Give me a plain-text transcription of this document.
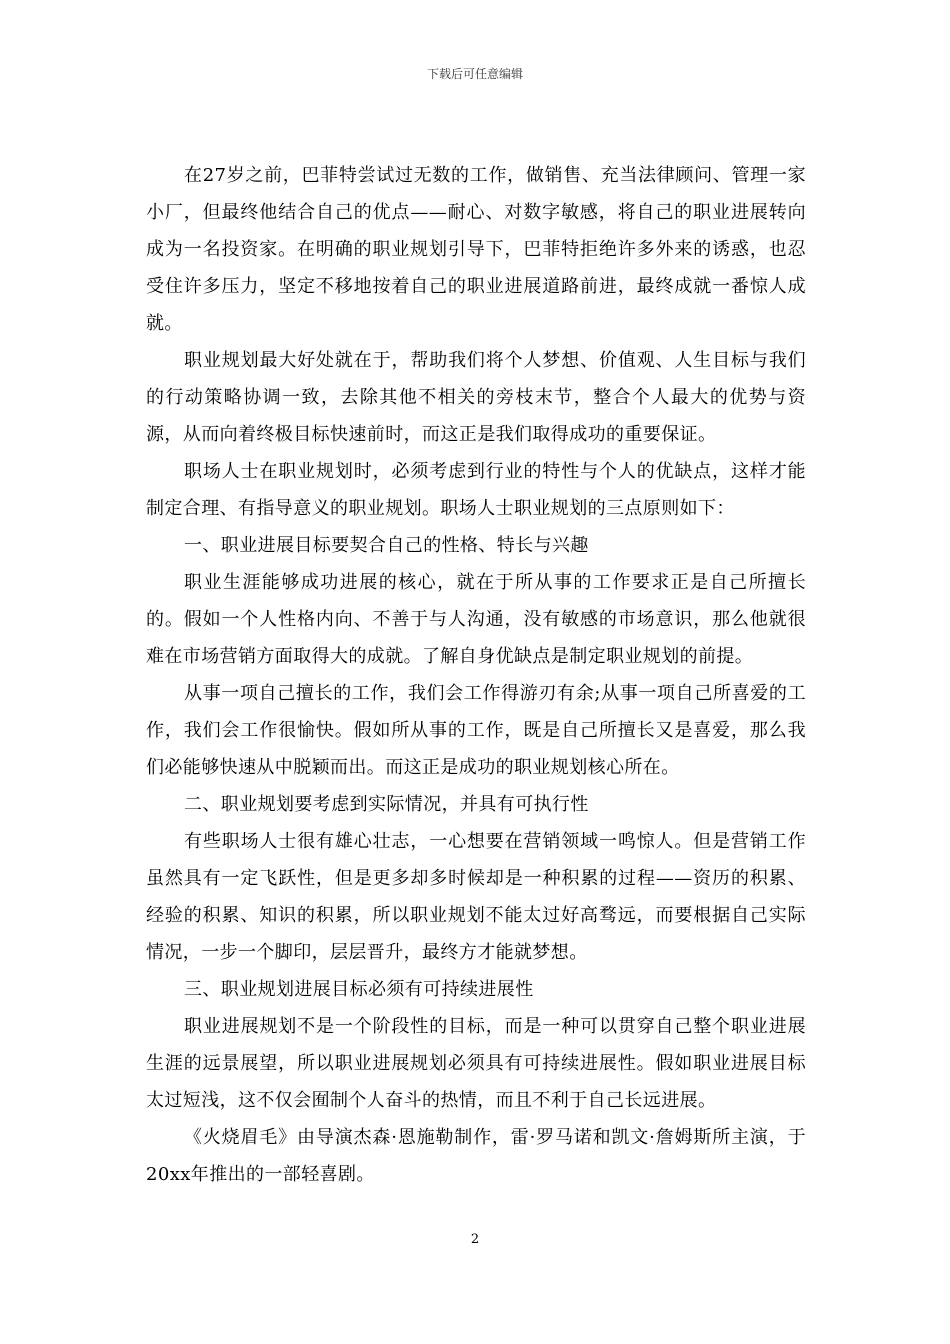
下载后可任意编辑

在27岁之前，巴菲特尝试过无数的工作，做销售、充当法律顾问、管理一家小厂，但最终他结合自己的优点——耐心、对数字敏感，将自己的职业进展转向成为一名投资家。在明确的职业规划引导下，巴菲特拒绝许多外来的诱惑，也忍受住许多压力，坚定不移地按着自己的职业进展道路前进，最终成就一番惊人成就。

职业规划最大好处就在于，帮助我们将个人梦想、价值观、人生目标与我们的行动策略协调一致，去除其他不相关的旁枝末节，整合个人最大的优势与资源，从而向着终极目标快速前时，而这正是我们取得成功的重要保证。

职场人士在职业规划时，必须考虑到行业的特性与个人的优缺点，这样才能制定合理、有指导意义的职业规划。职场人士职业规划的三点原则如下：

一、职业进展目标要契合自己的性格、特长与兴趣

职业生涯能够成功进展的核心，就在于所从事的工作要求正是自己所擅长的。假如一个人性格内向、不善于与人沟通，没有敏感的市场意识，那么他就很难在市场营销方面取得大的成就。了解自身优缺点是制定职业规划的前提。

从事一项自己擅长的工作，我们会工作得游刃有余;从事一项自己所喜爱的工作，我们会工作很愉快。假如所从事的工作，既是自己所擅长又是喜爱，那么我们必能够快速从中脱颖而出。而这正是成功的职业规划核心所在。

二、职业规划要考虑到实际情况，并具有可执行性

有些职场人士很有雄心壮志，一心想要在营销领域一鸣惊人。但是营销工作虽然具有一定飞跃性，但是更多却多时候却是一种积累的过程——资历的积累、经验的积累、知识的积累，所以职业规划不能太过好高骛远，而要根据自己实际情况，一步一个脚印，层层晋升，最终方才能就梦想。

三、职业规划进展目标必须有可持续进展性

职业进展规划不是一个阶段性的目标，而是一种可以贯穿自己整个职业进展生涯的远景展望，所以职业进展规划必须具有可持续进展性。假如职业进展目标太过短浅，这不仅会囿制个人奋斗的热情，而且不利于自己长远进展。

《火烧眉毛》由导演杰森·恩施勒制作，雷·罗马诺和凯文·詹姆斯所主演，于20xx年推出的一部轻喜剧。

2
